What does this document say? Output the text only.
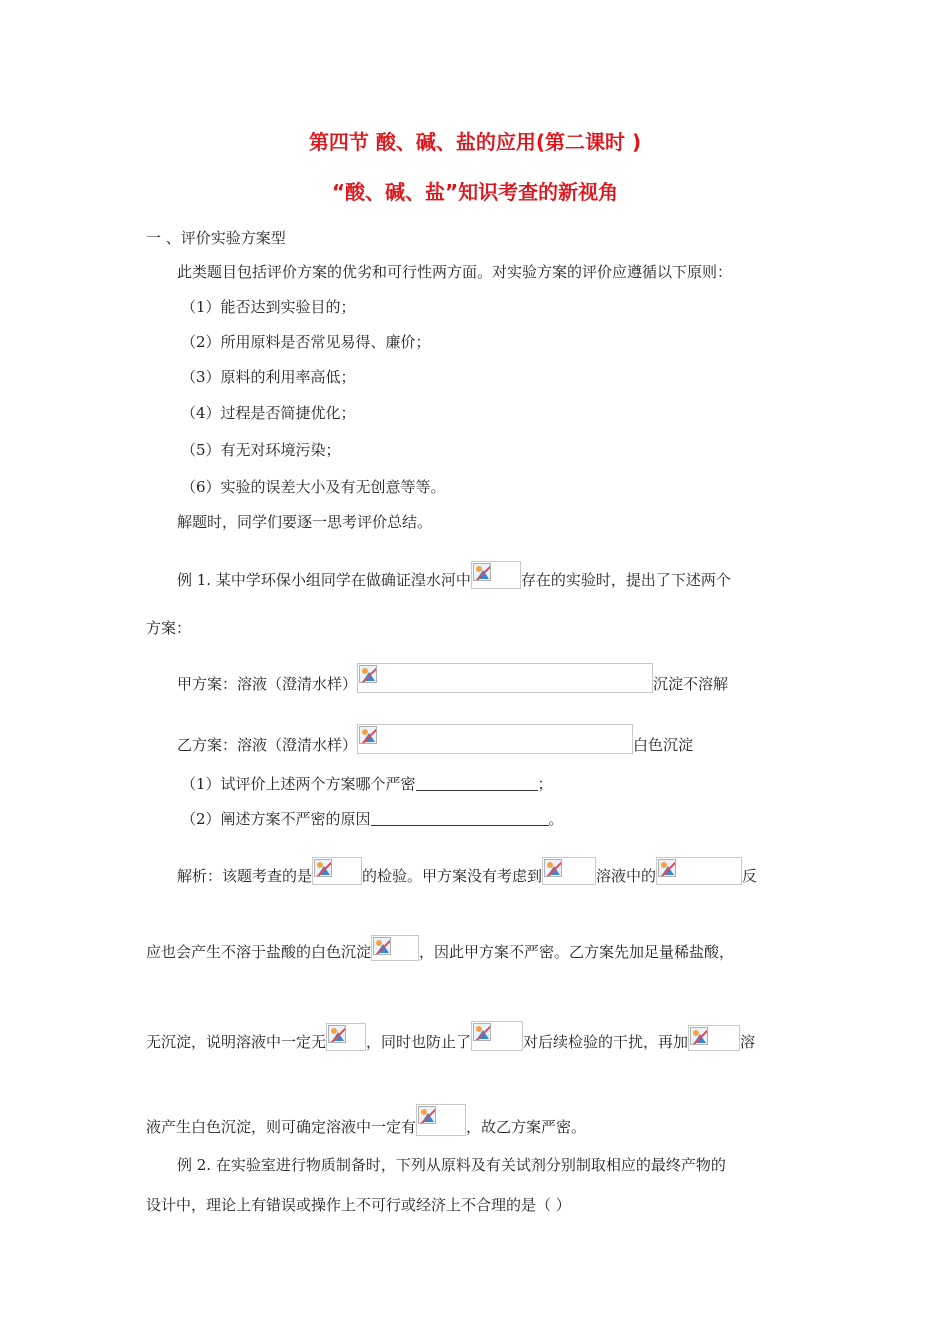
第四节 酸、碱、盐的应用(第二课时 )
“酸、碱、盐”知识考查的新视角
一 、评价实验方案型
此类题目包括评价方案的优劣和可行性两方面。对实验方案的评价应遵循以下原则：
（1）能否达到实验目的；
（2）所用原料是否常见易得、廉价；
（3）原料的利用率高低；
（4）过程是否简捷优化；
（5）有无对环境污染；
（6）实验的误差大小及有无创意等等。
解题时，同学们要逐一思考评价总结。
例 1. 某中学环保小组同学在做确证湟水河中	存在的实验时，提出了下述两个
方案：
甲方案：溶液（澄清水样）	沉淀不溶解
乙方案：溶液（澄清水样）	白色沉淀
（1）试评价上述两个方案哪个严密	；
（2）阐述方案不严密的原因	。
解析：该题考查的是	的检验。甲方案没有考虑到	溶液中的	反
应也会产生不溶于盐酸的白色沉淀	，因此甲方案不严密。乙方案先加足量稀盐酸，
无沉淀，说明溶液中一定无	，同时也防止了	对后续检验的干扰，再加	溶
液产生白色沉淀，则可确定溶液中一定有	，故乙方案严密。
例 2. 在实验室进行物质制备时，下列从原料及有关试剂分别制取相应的最终产物的
设计中，理论上有错误或操作上不可行或经济上不合理的是（ ）
